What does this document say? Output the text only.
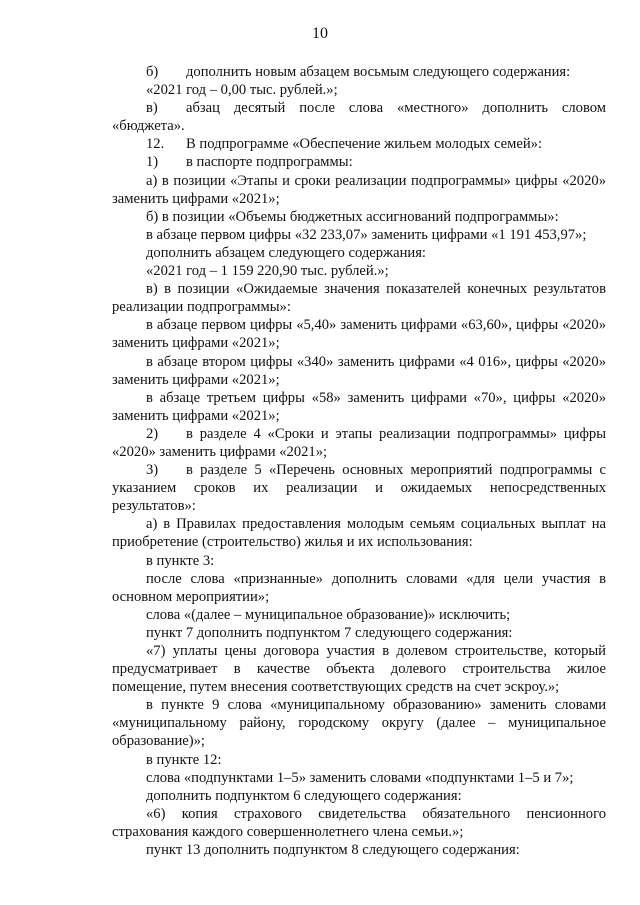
10

б) дополнить новым абзацем восьмым следующего содержания:

«2021 год – 0,00 тыс. рублей.»;

в) абзац десятый после слова «местного» дополнить словом «бюджета».

12. В подпрограмме «Обеспечение жильем молодых семей»:

1) в паспорте подпрограммы:

а) в позиции «Этапы и сроки реализации подпрограммы» цифры «2020» заменить цифрами «2021»;

б) в позиции «Объемы бюджетных ассигнований подпрограммы»:

в абзаце первом цифры «32 233,07» заменить цифрами «1 191 453,97»;

дополнить абзацем следующего содержания:

«2021 год – 1 159 220,90 тыс. рублей.»;

в) в позиции «Ожидаемые значения показателей конечных результатов реализации подпрограммы»:

в абзаце первом цифры «5,40» заменить цифрами «63,60», цифры «2020» заменить цифрами «2021»;

в абзаце втором цифры «340» заменить цифрами «4 016», цифры «2020» заменить цифрами «2021»;

в абзаце третьем цифры «58» заменить цифрами «70», цифры «2020» заменить цифрами «2021»;

2) в разделе 4 «Сроки и этапы реализации подпрограммы» цифры «2020» заменить цифрами «2021»;

3) в разделе 5 «Перечень основных мероприятий подпрограммы с указанием сроков их реализации и ожидаемых непосредственных результатов»:

а) в Правилах предоставления молодым семьям социальных выплат на приобретение (строительство) жилья и их использования:

в пункте 3:

после слова «признанные» дополнить словами «для цели участия в основном мероприятии»;

слова «(далее – муниципальное образование)» исключить;

пункт 7 дополнить подпунктом 7 следующего содержания:

«7) уплаты цены договора участия в долевом строительстве, который предусматривает в качестве объекта долевого строительства жилое помещение, путем внесения соответствующих средств на счет эскроу.»;

в пункте 9 слова «муниципальному образованию» заменить словами «муниципальному району, городскому округу (далее – муниципальное образование)»;

в пункте 12:

слова «подпунктами 1–5» заменить словами «подпунктами 1–5 и 7»;

дополнить подпунктом 6 следующего содержания:

«6) копия страхового свидетельства обязательного пенсионного страхования каждого совершеннолетнего члена семьи.»;

пункт 13 дополнить подпунктом 8 следующего содержания:
